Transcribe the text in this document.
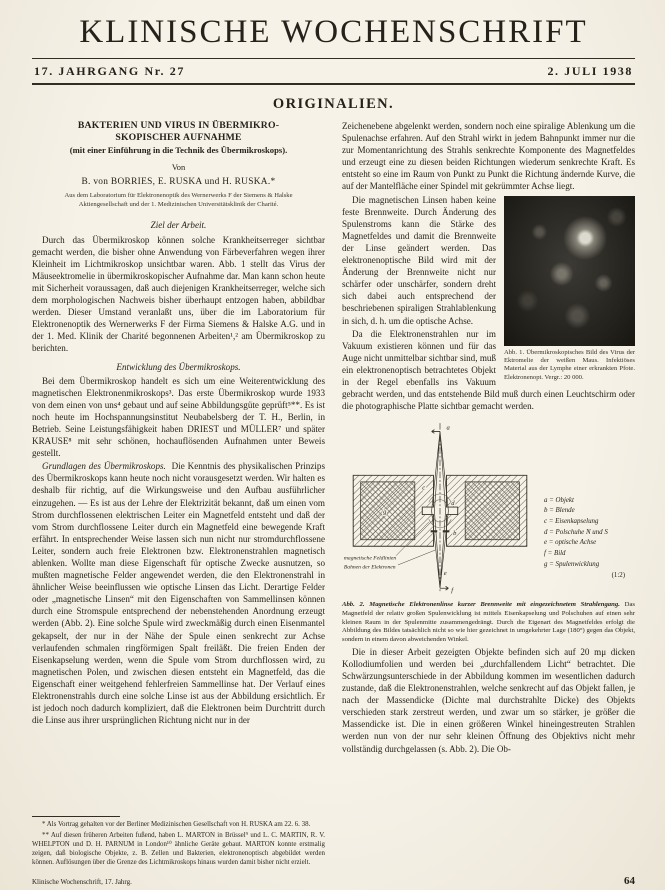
KLINISCHE WOCHENSCHRIFT
17. JAHRGANG Nr. 27	2. JULI 1938
ORIGINALIEN.
BAKTERIEN UND VIRUS IN ÜBERMIKRO-
SKOPISCHER AUFNAHME
(mit einer Einführung in die Technik des Übermikroskops).
Von
B. von BORRIES, E. RUSKA und H. RUSKA.*
Aus dem Laboratorium für Elektronenoptik des Wernerwerks F der Siemens & Halske
Aktiengesellschaft und der 1. Medizinischen Universitätsklinik der Charité.
Ziel der Arbeit.

Durch das Übermikroskop können solche Krankheitserreger sichtbar gemacht werden, die bisher ohne Anwendung von Färbeverfahren wegen ihrer Kleinheit im Lichtmikroskop unsichtbar waren. Abb. 1 stellt das Virus der Mäuseektromelie in übermikroskopischer Aufnahme dar. Man kann schon heute mit Sicherheit voraussagen, daß auch diejenigen Krankheitserreger, welche sich dem morphologischen Nachweis bisher überhaupt entzogen haben, abbildbar werden. Dieser Umstand veranlaßt uns, über die im Laboratorium für Elektronenoptik des Wernerwerks F der Firma Siemens & Halske A.G. und in der 1. Med. Klinik der Charité begonnenen Arbeiten¹,² am Übermikroskop zu berichten.

Entwicklung des Übermikroskops.

Bei dem Übermikroskop handelt es sich um eine Weiterentwicklung des magnetischen Elektronenmikroskops³. Das erste Übermikroskop wurde 1933 von dem einen von uns⁴ gebaut und auf seine Abbildungsgüte geprüft⁵**. Es ist noch heute im Hochspannungsinstitut Neubabelsberg der T. H., Berlin, in Betrieb. Seine Leistungsfähigkeit haben DRIEST und MÜLLER⁷ und später KRAUSE⁸ mit sehr schönen, hochauflösenden Aufnahmen unter Beweis gestellt.

Grundlagen des Übermikroskops. Die Kenntnis des physikalischen Prinzips des Übermikroskops kann heute noch nicht vorausgesetzt werden. Wir halten es deshalb für richtig, auf die Wirkungsweise und den Aufbau ausführlicher einzugehen. — Es ist aus der Lehre der Elektrizität bekannt, daß um einen vom Strom durchflossenen elektrischen Leiter ein Magnetfeld entsteht und daß der vom Strom durchflossene Leiter durch ein Magnetfeld eine bewegende Kraft erfährt. In entsprechender Weise lassen sich nun nicht nur stromdurchflossene Leiter, sondern auch freie Elektronen bzw. Elektronenstrahlen magnetisch ablenken. Wollte man diese Eigenschaft für optische Zwecke ausnutzen, so mußten magnetische Felder angewendet werden, die den Elektronenstrahl in ähnlicher Weise beeinflussen wie optische Linsen das Licht. Derartige Felder oder „magnetische Linsen“ mit den Eigenschaften von Sammellinsen können durch eine Stromspule entsprechend der nebenstehenden Anordnung erzeugt werden (Abb. 2). Eine solche Spule wird zweckmäßig durch einen Eisenmantel gekapselt, der nur in der Nähe der Spule einen senkrecht zur Achse verlaufenden schmalen ringförmigen Spalt freiläßt. Die freien Enden der Eisenkapselung werden, wenn die Spule vom Strom durchflossen wird, zu magnetischen Polen, und zwischen diesen entsteht ein Magnetfeld, das die Eigenschaft einer weitgehend fehlerfreien Sammellinse hat. Der Verlauf eines Elektronenstrahls durch eine solche Linse ist aus der Abbildung ersichtlich. Er ist jedoch noch dadurch kompliziert, daß die Elektronen beim Durchtritt durch die Linse aus ihrer ursprünglichen Richtung nicht nur in der

* Als Vortrag gehalten vor der Berliner Medizinischen Gesellschaft von H. RUSKA am 22. 6. 38.

** Auf diesen früheren Arbeiten fußend, haben L. MARTON in Brüssel⁹ und L. C. MARTIN, R. V. WHELPTON und D. H. PARNUM in London¹⁰ ähnliche Geräte gebaut. MARTON konnte erstmalig zeigen, daß biologische Objekte, z. B. Zellen und Bakterien, elektronenoptisch abgebildet werden können. Auflösungen über die Grenze des Lichtmikroskops hinaus wurden damit bisher nicht erzielt.

Zeichenebene abgelenkt werden, sondern noch eine spiralige Ablenkung um die Spulenachse erfahren. Auf den Strahl wirkt in jedem Bahnpunkt immer nur die zur Momentanrichtung des Strahls senkrechte Komponente des Magnetfeldes und erzeugt eine zu diesen beiden Richtungen wiederum senkrechte Kraft. Es entsteht so eine im Raum von Punkt zu Punkt die Richtung ändernde Kurve, die auf der Mantelfläche einer Spindel mit gekrümmter Achse liegt.

Abb. 1. Übermikroskopisches Bild des Virus der Ektromelie der weißen Maus. Infektiöses Material aus der Lymphe einer erkrankten Pfote. Elektronenopt. Vergr.: 20 000.

Die magnetischen Linsen haben keine feste Brennweite. Durch Änderung des Spulenstroms kann die Stärke des Magnetfeldes und damit die Brennweite der Linse geändert werden. Das elektronenoptische Bild wird mit der Änderung der Brennweite nicht nur schärfer oder unschärfer, sondern dreht sich dabei auch entsprechend der beschriebenen spiraligen Strahlablenkung in sich, d. h. um die optische Achse.

Da die Elektronenstrahlen nur im Vakuum existieren können und für das Auge nicht unmittelbar sichtbar sind, muß ein elektronenoptisch betrachtetes Objekt in der Regel ebenfalls ins Vakuum gebracht werden, und das entstehende Bild muß durch einen Leuchtschirm oder die photographische Platte sichtbar gemacht werden.

a
b
c
d
e
f
g
magnetische Feldlinien
Bahnen der Elektronen
a = Objekt
b = Blende
c = Eisenkapselung
d = Polschuhe N und S
e = optische Achse
f = Bild
g = Spulenwicklung
(1:2)

Abb. 2. Magnetische Elektronenlinse kurzer Brennweite mit eingezeichnetem Strahlengang. Das Magnetfeld der relativ großen Spulenwicklung ist mittels Eisenkapselung und Polschuhen auf einen sehr kleinen Raum in der Spulenmitte zusammengedrängt. Durch die Eigenart des Magnetfeldes erfolgt die Abbildung des Bildes tatsächlich nicht so wie hier gezeichnet in umgekehrter Lage (180°) gegen das Objekt, sondern in einem davon abweichenden Winkel.

Die in dieser Arbeit gezeigten Objekte befinden sich auf 20 mμ dicken Kollodiumfolien und werden bei „durchfallendem Licht“ betrachtet. Die Schwärzungsunterschiede in der Abbildung kommen im wesentlichen dadurch zustande, daß die Elektronenstrahlen, welche senkrecht auf das Objekt fallen, je nach der Massendicke (Dichte mal durchstrahlte Dicke) des Objekts verschieden stark zerstreut werden, und zwar um so stärker, je größer die Massendicke ist. Die in einen größeren Winkel hineingestreuten Strahlen werden nun von der nur sehr kleinen Öffnung des Objektivs nicht mehr vollständig durchgelassen (s. Abb. 2). Die Ob-

Klinische Wochenschrift, 17. Jahrg.	64
